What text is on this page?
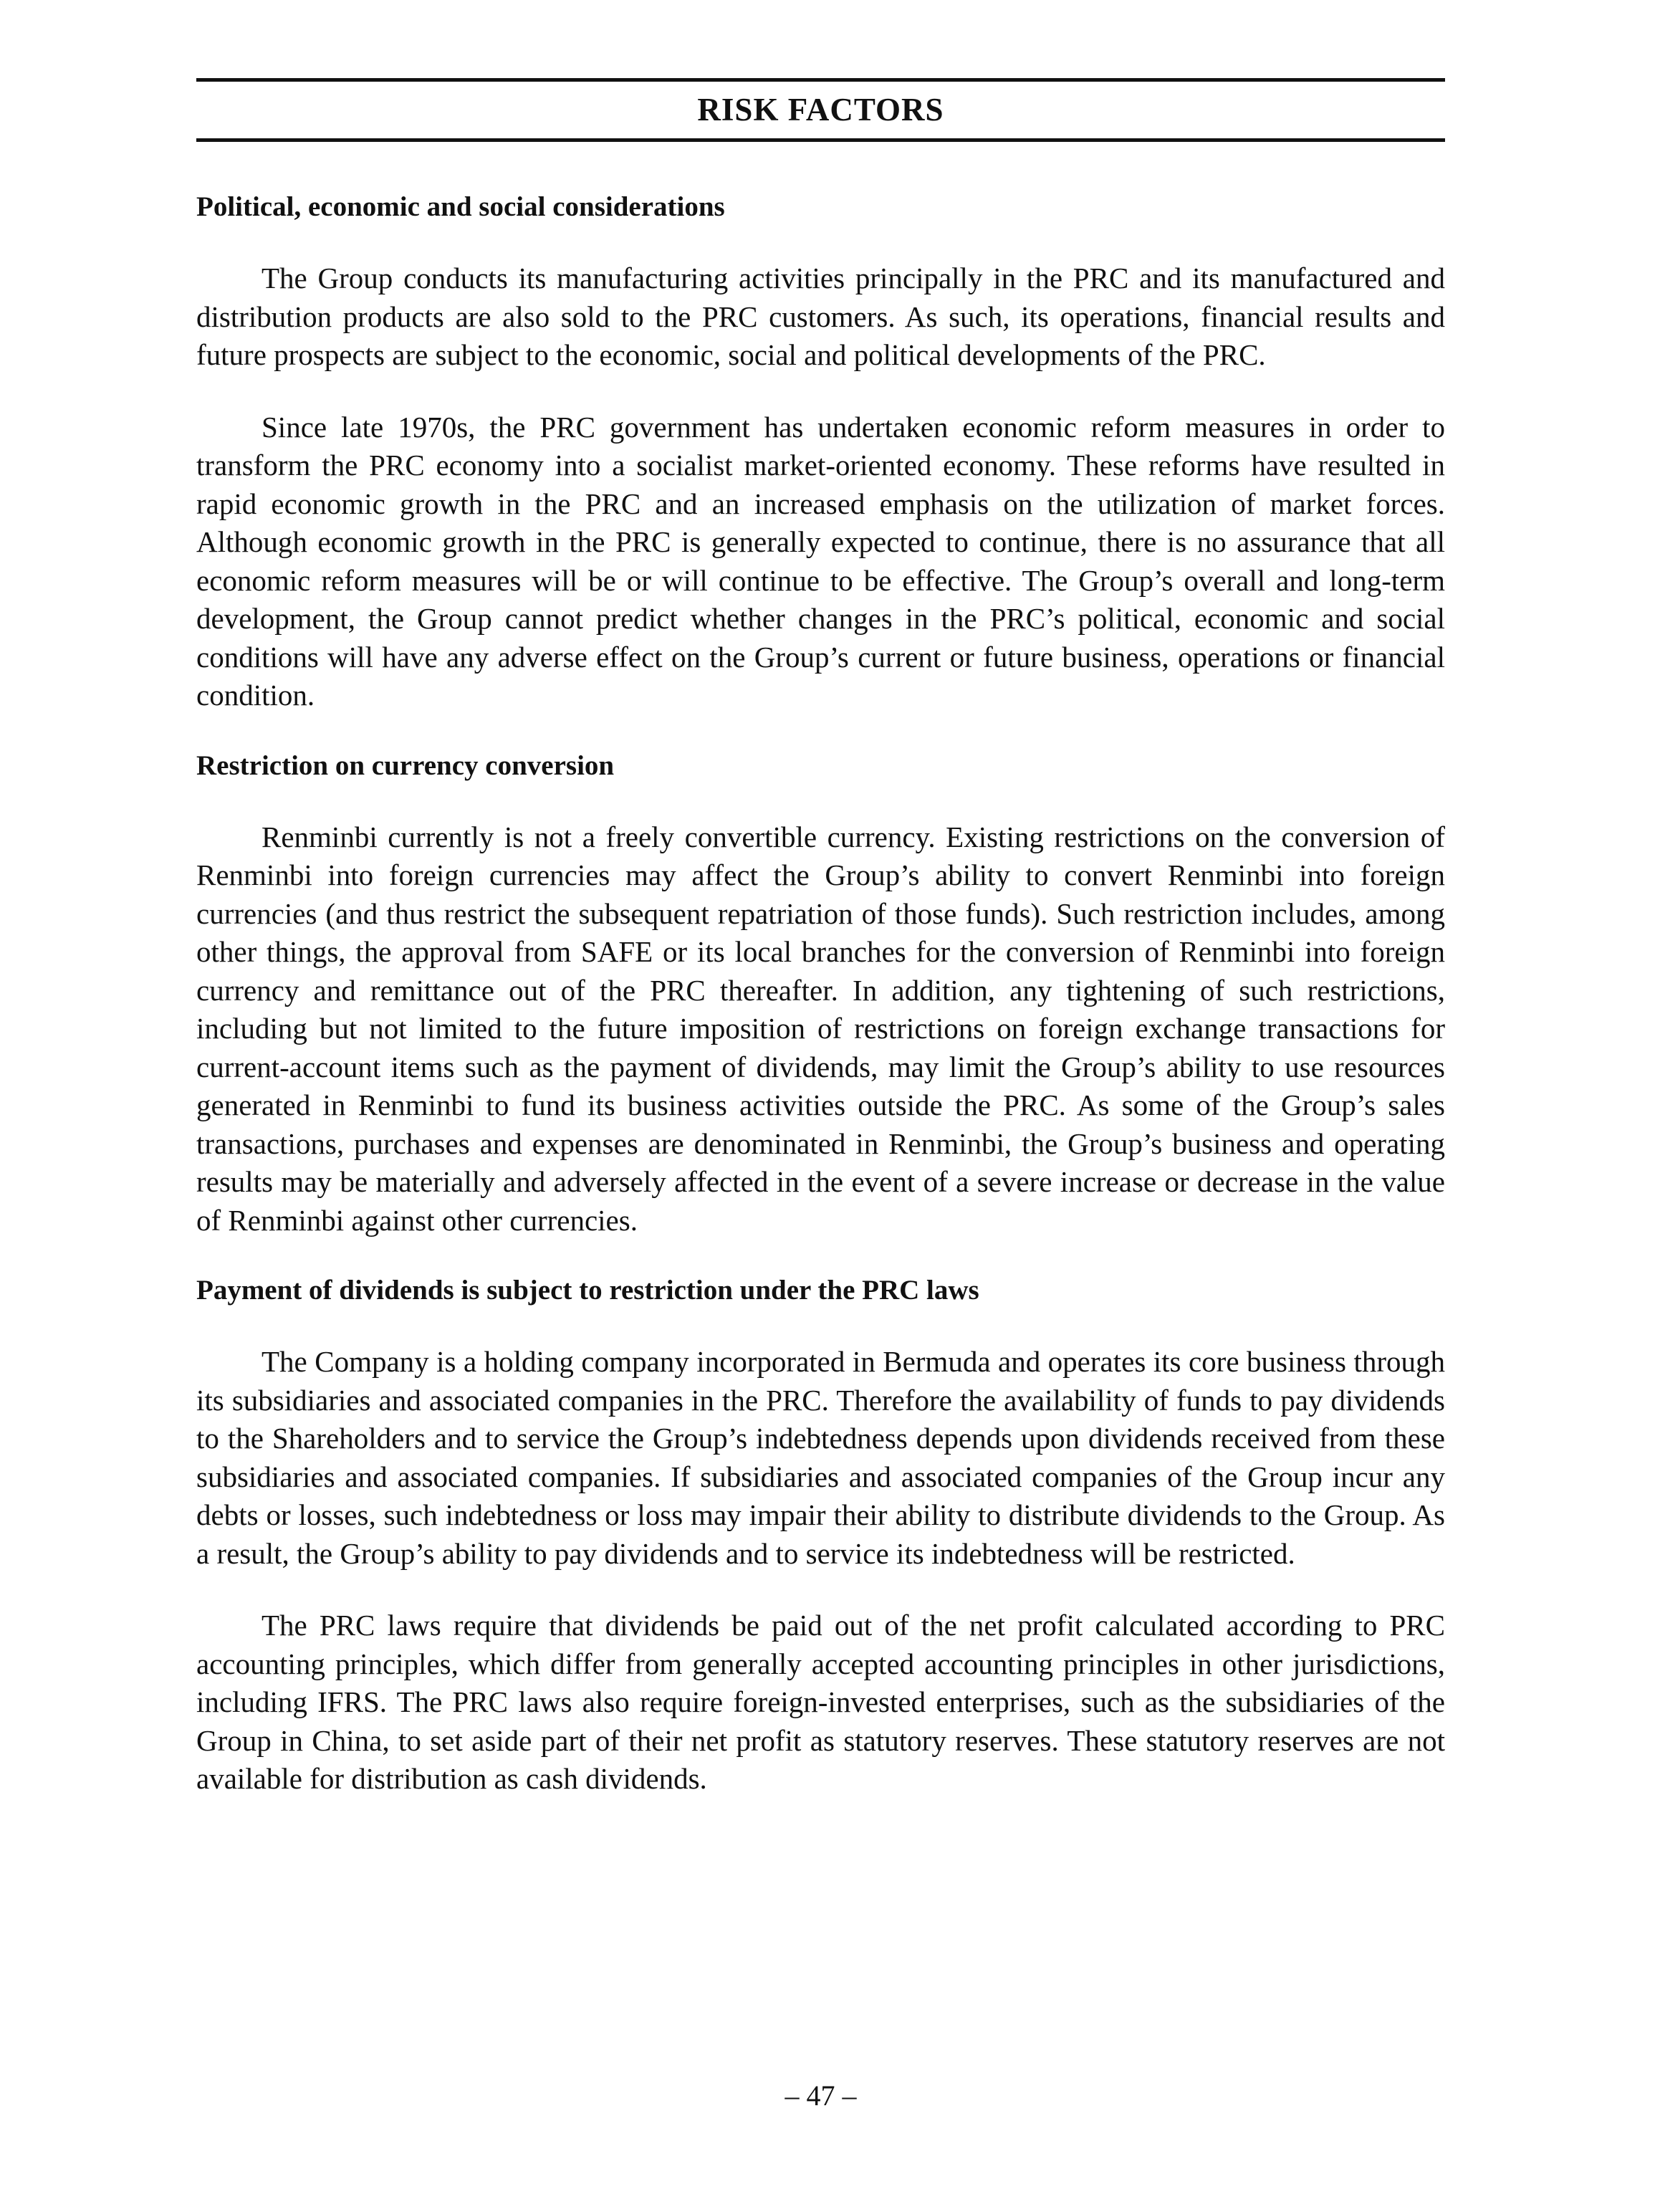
RISK FACTORS
Political, economic and social considerations

The Group conducts its manufacturing activities principally in the PRC and its manufactured and distribution products are also sold to the PRC customers. As such, its operations, financial results and future prospects are subject to the economic, social and political developments of the PRC.

Since late 1970s, the PRC government has undertaken economic reform measures in order to transform the PRC economy into a socialist market-oriented economy. These reforms have resulted in rapid economic growth in the PRC and an increased emphasis on the utilization of market forces. Although economic growth in the PRC is generally expected to continue, there is no assurance that all economic reform measures will be or will continue to be effective. The Group’s overall and long-term development, the Group cannot predict whether changes in the PRC’s political, economic and social conditions will have any adverse effect on the Group’s current or future business, operations or financial condition.

Restriction on currency conversion

Renminbi currently is not a freely convertible currency. Existing restrictions on the conversion of Renminbi into foreign currencies may affect the Group’s ability to convert Renminbi into foreign currencies (and thus restrict the subsequent repatriation of those funds). Such restriction includes, among other things, the approval from SAFE or its local branches for the conversion of Renminbi into foreign currency and remittance out of the PRC thereafter. In addition, any tightening of such restrictions, including but not limited to the future imposition of restrictions on foreign exchange transactions for current-account items such as the payment of dividends, may limit the Group’s ability to use resources generated in Renminbi to fund its business activities outside the PRC. As some of the Group’s sales transactions, purchases and expenses are denominated in Renminbi, the Group’s business and operating results may be materially and adversely affected in the event of a severe increase or decrease in the value of Renminbi against other currencies.

Payment of dividends is subject to restriction under the PRC laws

The Company is a holding company incorporated in Bermuda and operates its core business through its subsidiaries and associated companies in the PRC. Therefore the availability of funds to pay dividends to the Shareholders and to service the Group’s indebtedness depends upon dividends received from these subsidiaries and associated companies. If subsidiaries and associated companies of the Group incur any debts or losses, such indebtedness or loss may impair their ability to distribute dividends to the Group. As a result, the Group’s ability to pay dividends and to service its indebtedness will be restricted.

The PRC laws require that dividends be paid out of the net profit calculated according to PRC accounting principles, which differ from generally accepted accounting principles in other jurisdictions, including IFRS. The PRC laws also require foreign-invested enterprises, such as the subsidiaries of the Group in China, to set aside part of their net profit as statutory reserves. These statutory reserves are not available for distribution as cash dividends.

– 47 –
